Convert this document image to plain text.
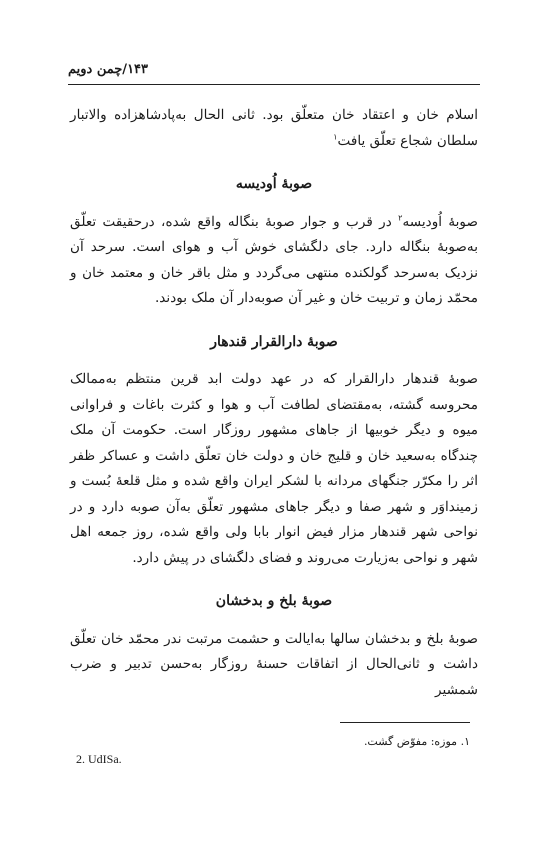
۱۴۳/چمن دویم

اسلام خان و اعتقاد خان متعلّق بود. ثانی الحال به‌پادشاهزاده والاتبار سلطان شجاع تعلّق یافت$^۱$

صوبهٔ اُودیسه

صوبهٔ اُودیسه$^۲$ در قرب و جوار صوبهٔ بنگاله واقع شده، درحقیقت تعلّق به‌صوبهٔ بنگاله دارد. جای دلگشای خوش آب و هوای است. سرحد آن نزدیک به‌سرحد گولکنده منتهی می‌گردد و مثل باقر خان و معتمد خان و محمّد زمان و تربیت خان و غیر آن صوبه‌دار آن ملک بودند.

صوبهٔ دارالقرار قندهار

صوبهٔ قندهار دارالقرار که در عهد دولت ابد قرین منتظم به‌ممالک محروسه گشته، به‌مقتضای لطافت آب و هوا و کثرت باغات و فراوانی میوه و دیگر خوبیها از جاهای مشهور روزگار است. حکومت آن ملک چندگاه به‌سعید خان و قلیج خان و دولت خان تعلّق داشت و عساکر ظفر اثر را مکرّر جنگهای مردانه با لشکر ایران واقع شده و مثل قلعهٔ بُست و زمینداوَر و شهر صفا و دیگر جاهای مشهور تعلّق به‌آن صوبه دارد و در نواحی شهر قندهار مزار فیض انوار بابا ولی واقع شده، روز جمعه اهل شهر و نواحی به‌زیارت می‌روند و فضای دلگشای در پیش دارد.

صوبهٔ بلخ و بدخشان

صوبهٔ بلخ و بدخشان سالها به‌ایالت و حشمت مرتبت ندر محمّد خان تعلّق داشت و ثانی‌الحال از اتفاقات حسنهٔ روزگار به‌حسن تدبیر و ضرب شمشیر

۱. موزه: مفوّض گشت.
2. UdISa.
